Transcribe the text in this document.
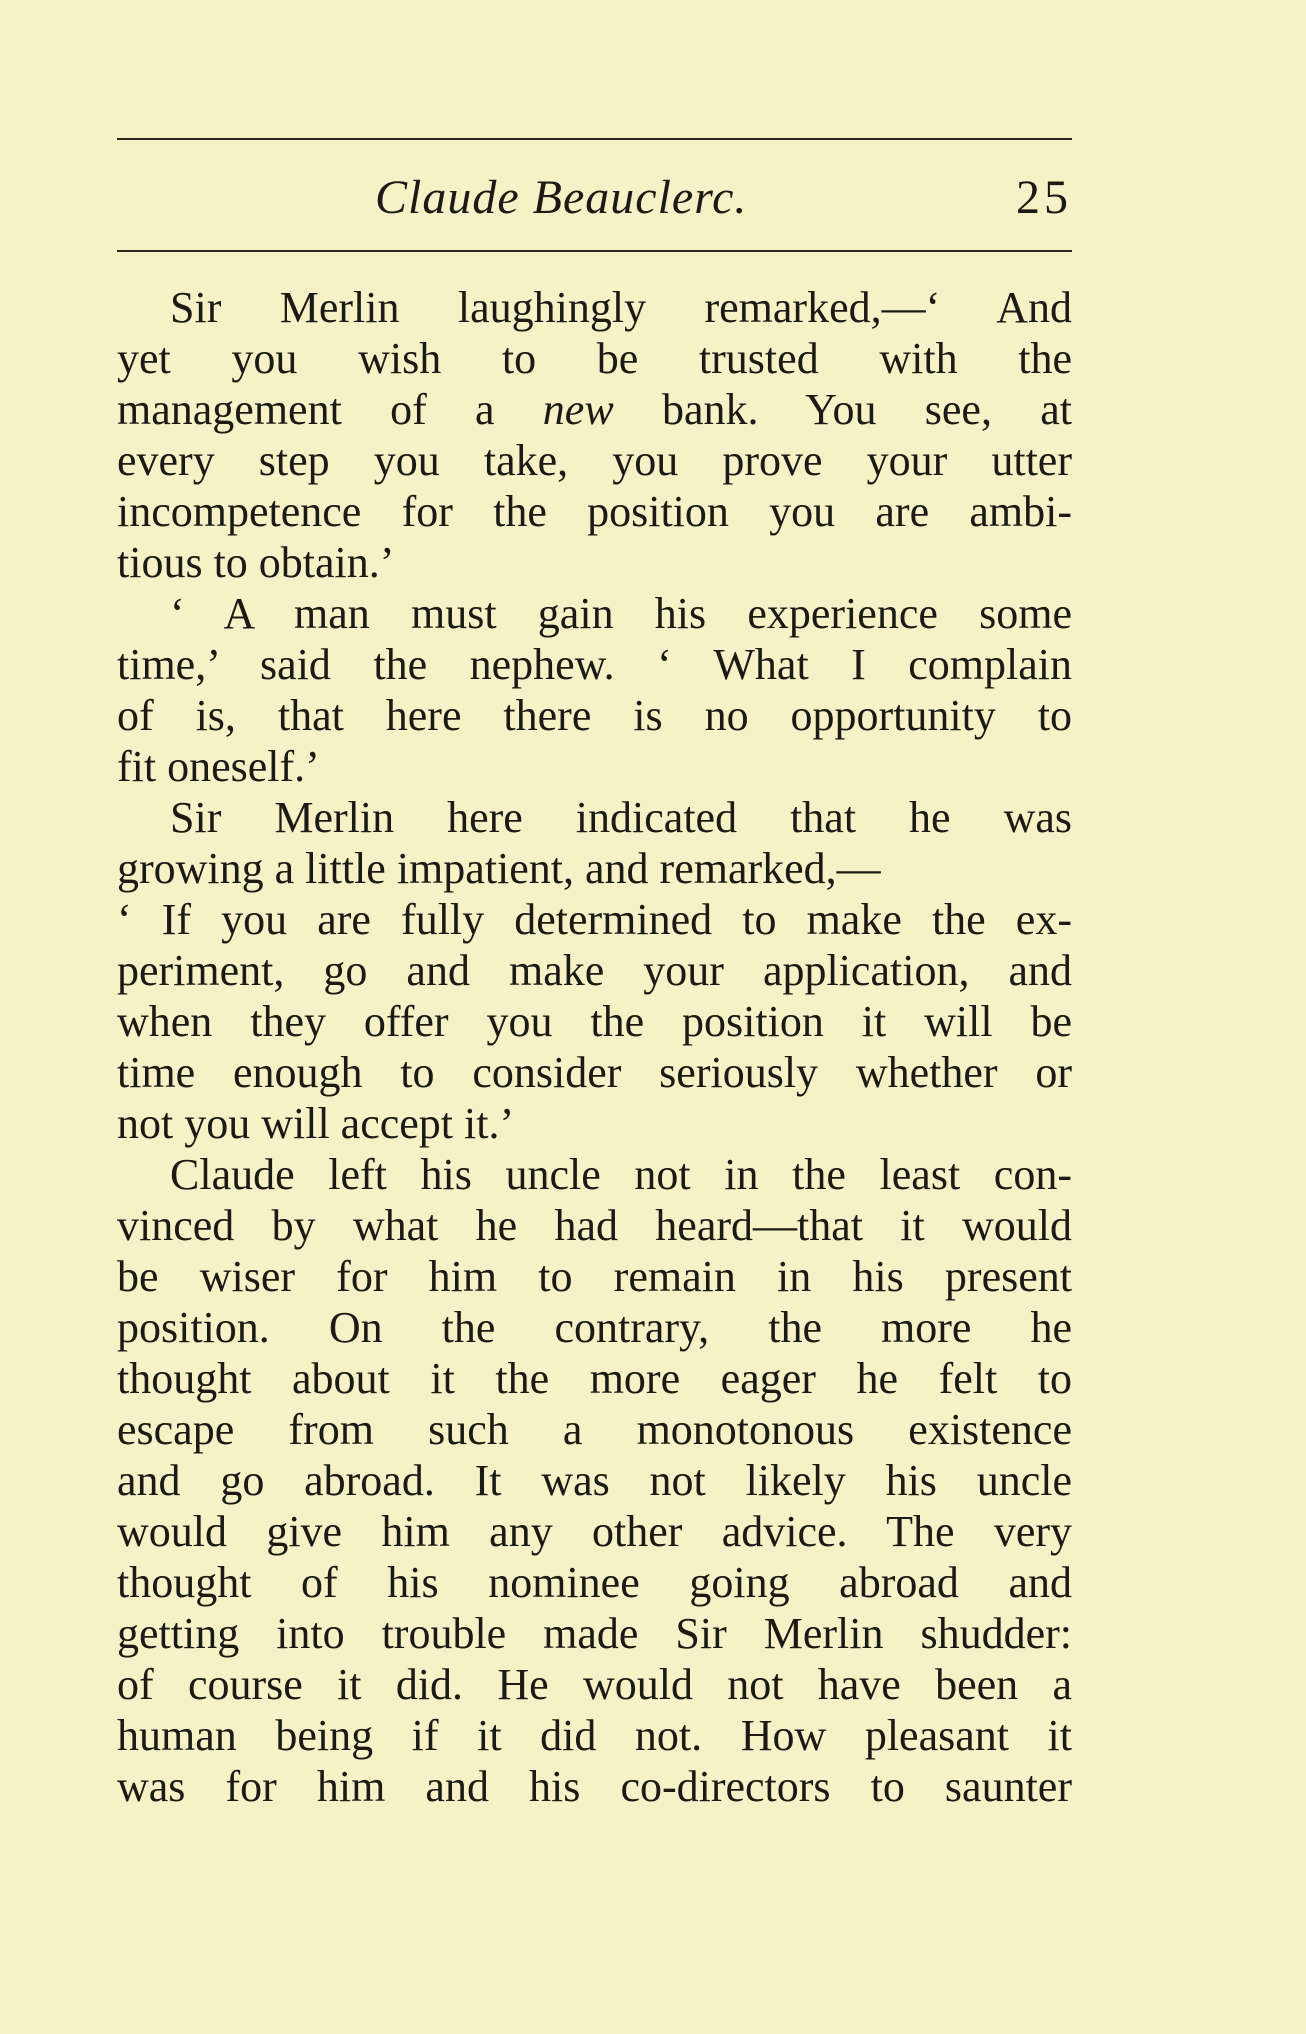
Claude Beauclerc.	25
Sir Merlin laughingly remarked,—‘ And
yet you wish to be trusted with the
management of a new bank. You see, at
every step you take, you prove your utter
incompetence for the position you are ambi-
tious to obtain.’
‘ A man must gain his experience some
time,’ said the nephew. ‘ What I complain
of is, that here there is no opportunity to
fit oneself.’
Sir Merlin here indicated that he was
growing a little impatient, and remarked,—
‘ If you are fully determined to make the ex-
periment, go and make your application, and
when they offer you the position it will be
time enough to consider seriously whether or
not you will accept it.’
Claude left his uncle not in the least con-
vinced by what he had heard—that it would
be wiser for him to remain in his present
position. On the contrary, the more he
thought about it the more eager he felt to
escape from such a monotonous existence
and go abroad. It was not likely his uncle
would give him any other advice. The very
thought of his nominee going abroad and
getting into trouble made Sir Merlin shudder:
of course it did. He would not have been a
human being if it did not. How pleasant it
was for him and his co-directors to saunter
